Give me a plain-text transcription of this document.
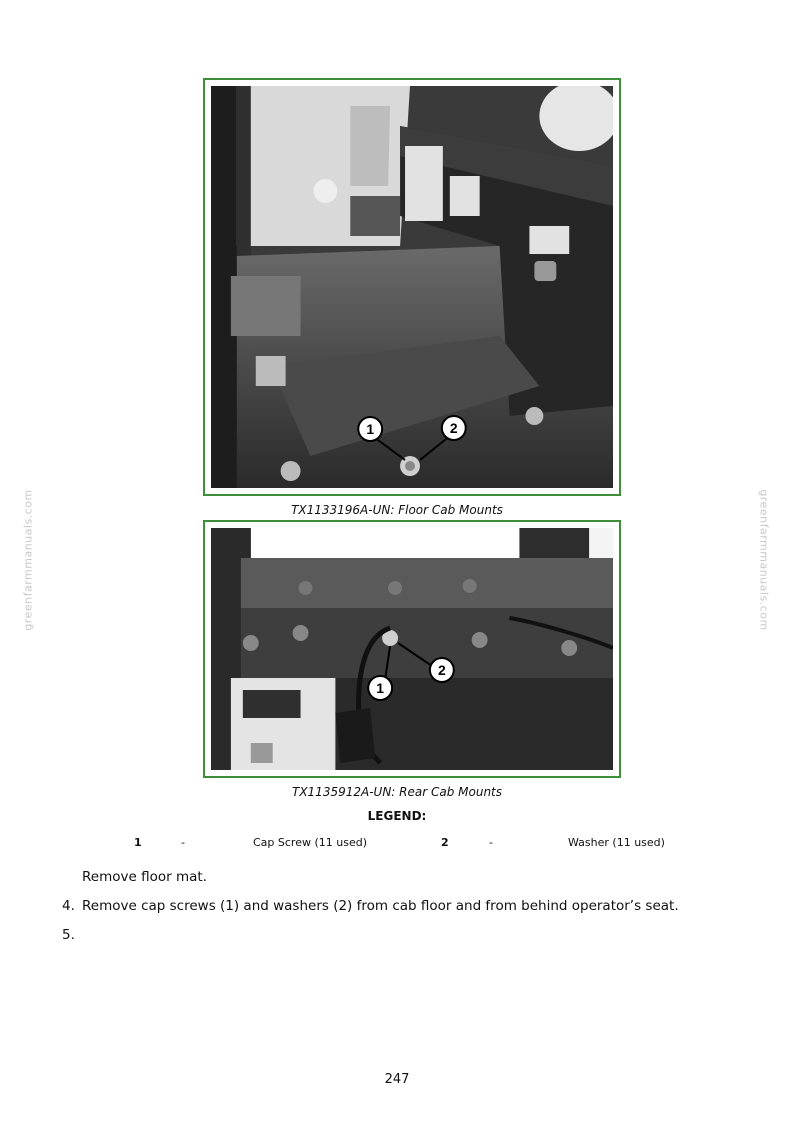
greenfarmmanuals.com	greenfarmmanuals.com
1	2
TX1133196A-UN: Floor Cab Mounts
1
2
TX1135912A-UN: Rear Cab Mounts
LEGEND:
1	-	Cap Screw (11 used)	2	-	Washer (11 used)
Remove floor mat.
4. Remove cap screws (1) and washers (2) from cab floor and from behind operator’s seat.
5.
247
